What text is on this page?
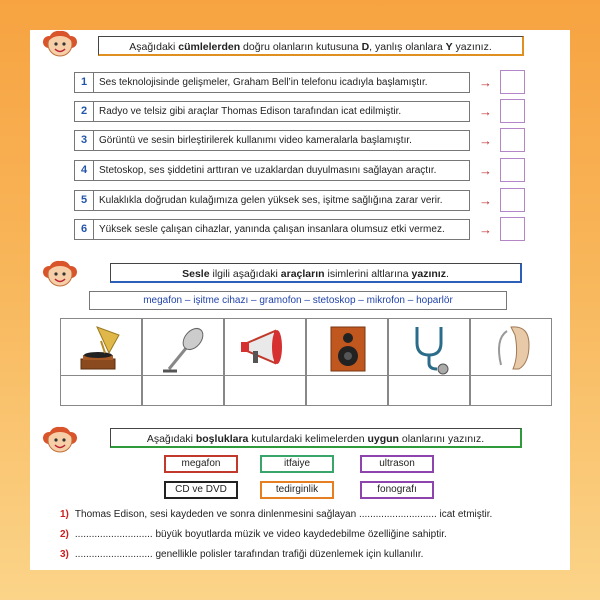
Aşağıdaki cümlelerden doğru olanların kutusuna D, yanlış olanlara Y yazınız.
1	Ses teknolojisinde gelişmeler, Graham Bell’in telefonu icadıyla başlamıştır.	→
2	Radyo ve telsiz gibi araçlar Thomas Edison tarafından icat edilmiştir.	→
3	Görüntü ve sesin birleştirilerek kullanımı video kameralarla başlamıştır.	→
4	Stetoskop, ses şiddetini arttıran ve uzaklardan duyulmasını sağlayan araçtır.	→
5	Kulaklıkla doğrudan kulağımıza gelen yüksek ses, işitme sağlığına zarar verir.	→
6	Yüksek sesle çalışan cihazlar, yanında çalışan insanlara olumsuz etki vermez.	→
Sesle ilgili aşağıdaki araçların isimlerini altlarına yazınız.
megafon – işitme cihazı – gramofon – stetoskop – mikrofon – hoparlör
Aşağıdaki boşluklara kutulardaki kelimelerden uygun olanlarını yazınız.
megafon	itfaiye	ultrason
CD ve DVD	tedirginlik	fonografı
1) Thomas Edison, sesi kaydeden ve sonra dinlenmesini sağlayan ............................ icat etmiştir.
2) ............................ büyük boyutlarda müzik ve video kaydedebilme özelliğine sahiptir.
3) ............................ genellikle polisler tarafından trafiği düzenlemek için kullanılır.
